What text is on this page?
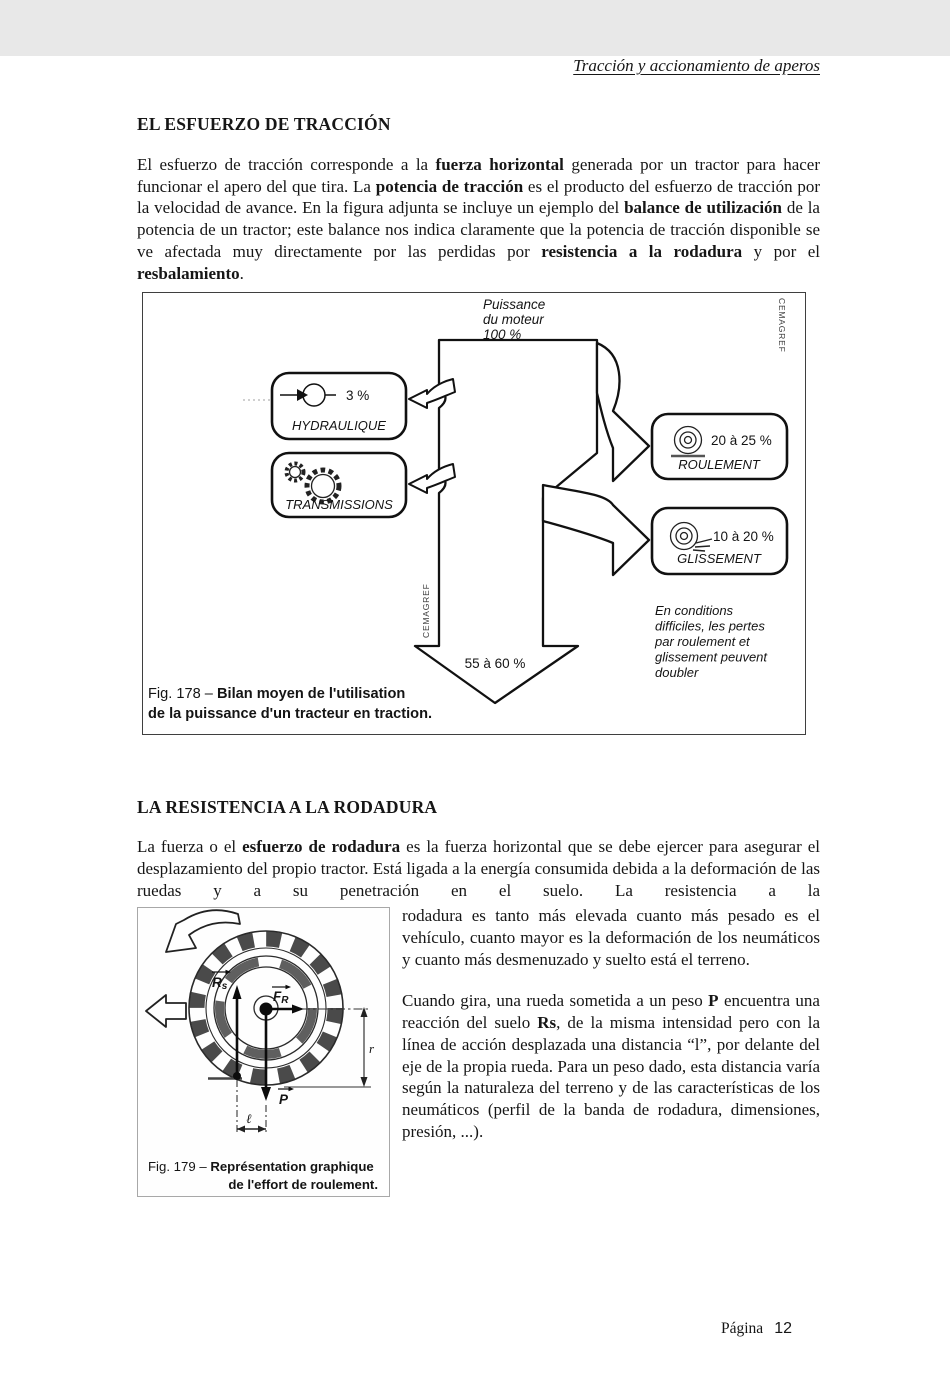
Tracción y accionamiento de aperos
EL ESFUERZO DE TRACCIÓN

El esfuerzo de tracción corresponde a la fuerza horizontal generada por un tractor para hacer funcionar el apero del que tira. La potencia de tracción es el producto del esfuerzo de tracción por la velocidad de avance. En la figura adjunta se incluye un ejemplo del balance de utilización de la potencia de un tractor; este balance nos indica claramente que la potencia de tracción disponible se ve afectada muy directamente por las perdidas por resistencia a la rodadura y por el resbalamiento.

Puissance
du moteur
100 %	CEMAGREF
CEMAGREF
3 %
HYDRAULIQUE
TRANSMISSIONS
20 à 25 %
ROULEMENT
10 à 20 %
GLISSEMENT
55 à 60 %
En conditions
difficiles, les pertes
par roulement et
glissement peuvent
doubler
Fig. 178 – Bilan moyen de l'utilisation
de la puissance d'un tracteur en traction.
LA RESISTENCIA A LA RODADURA

La fuerza o el esfuerzo de rodadura es la fuerza horizontal que se debe ejercer para asegurar el desplazamiento del propio tractor. Está ligada a la energía consumida debida a la deformación de las ruedas y a su penetración en el suelo. La resistencia a la

Rs
FR
P
r
ℓ
Fig. 179 – Représentation graphique
de l'effort de roulement.

rodadura es tanto más elevada cuanto más pesado es el vehículo, cuanto mayor es la deformación de los neumáticos y cuanto más desmenuzado y suelto está el terreno.

Cuando gira, una rueda sometida a un peso P encuentra una reacción del suelo Rs, de la misma intensidad pero con la línea de acción desplazada una distancia “l”, por delante del eje de la propia rueda. Para un peso dado, esta distancia varía según la naturaleza del terreno y de las características de los neumáticos (perfil de la banda de rodadura, dimensiones, presión, ...).

Página 12
